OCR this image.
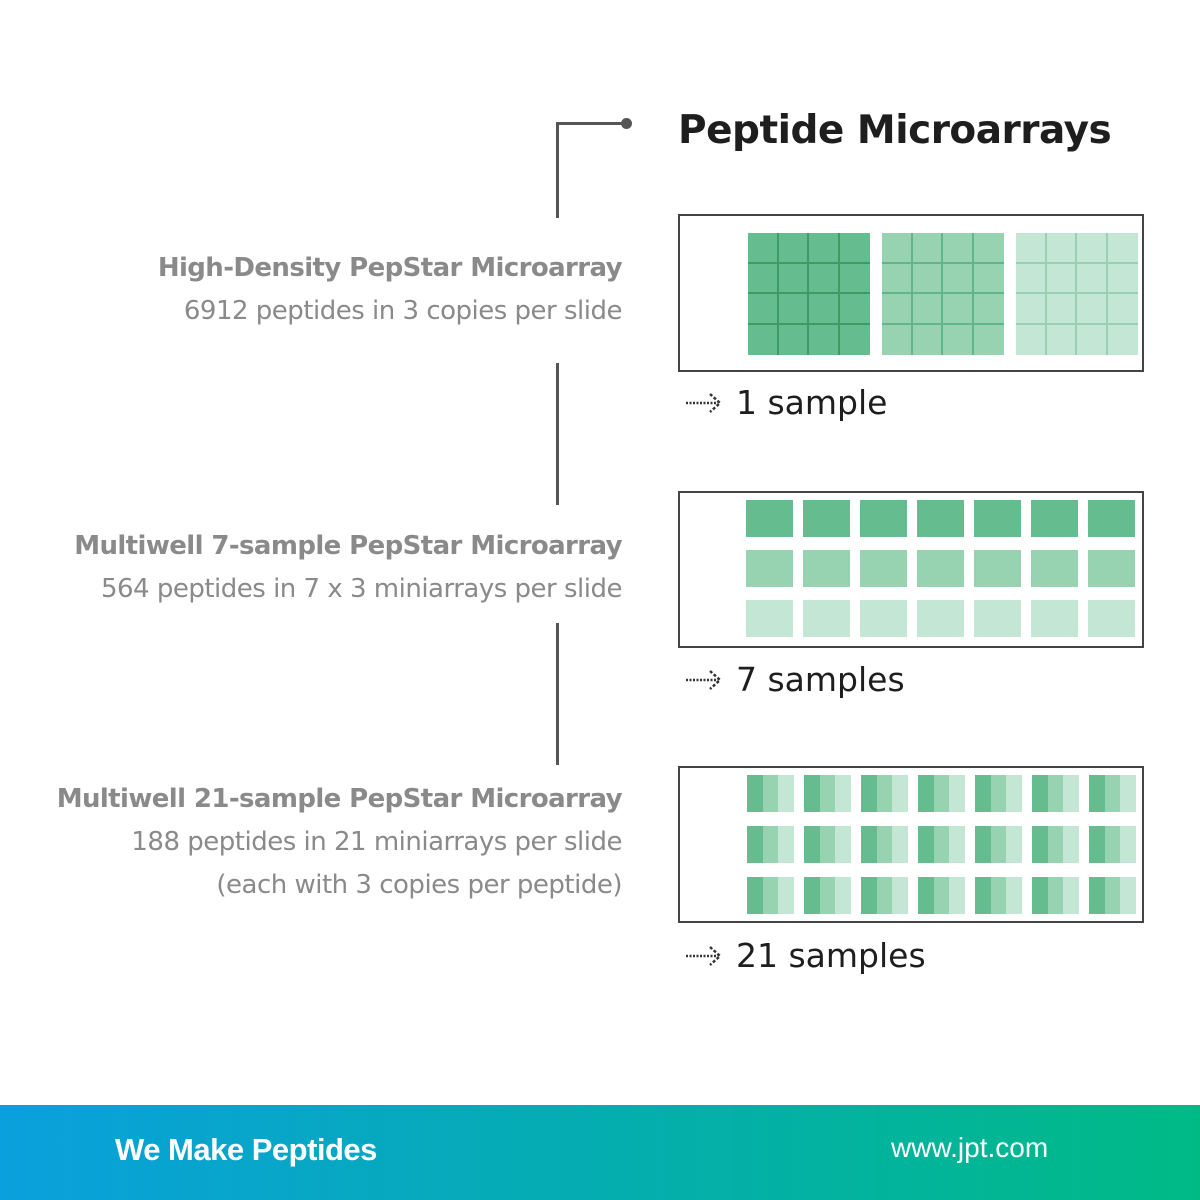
Peptide Microarrays
High-Density PepStar Microarray
6912 peptides in 3 copies per slide
Multiwell 7-sample PepStar Microarray
564 peptides in 7 x 3 miniarrays per slide
Multiwell 21-sample PepStar Microarray
188 peptides in 21 miniarrays per slide
(each with 3 copies per peptide)
1 sample
7 samples
21 samples
We Make Peptides	www.jpt.com
